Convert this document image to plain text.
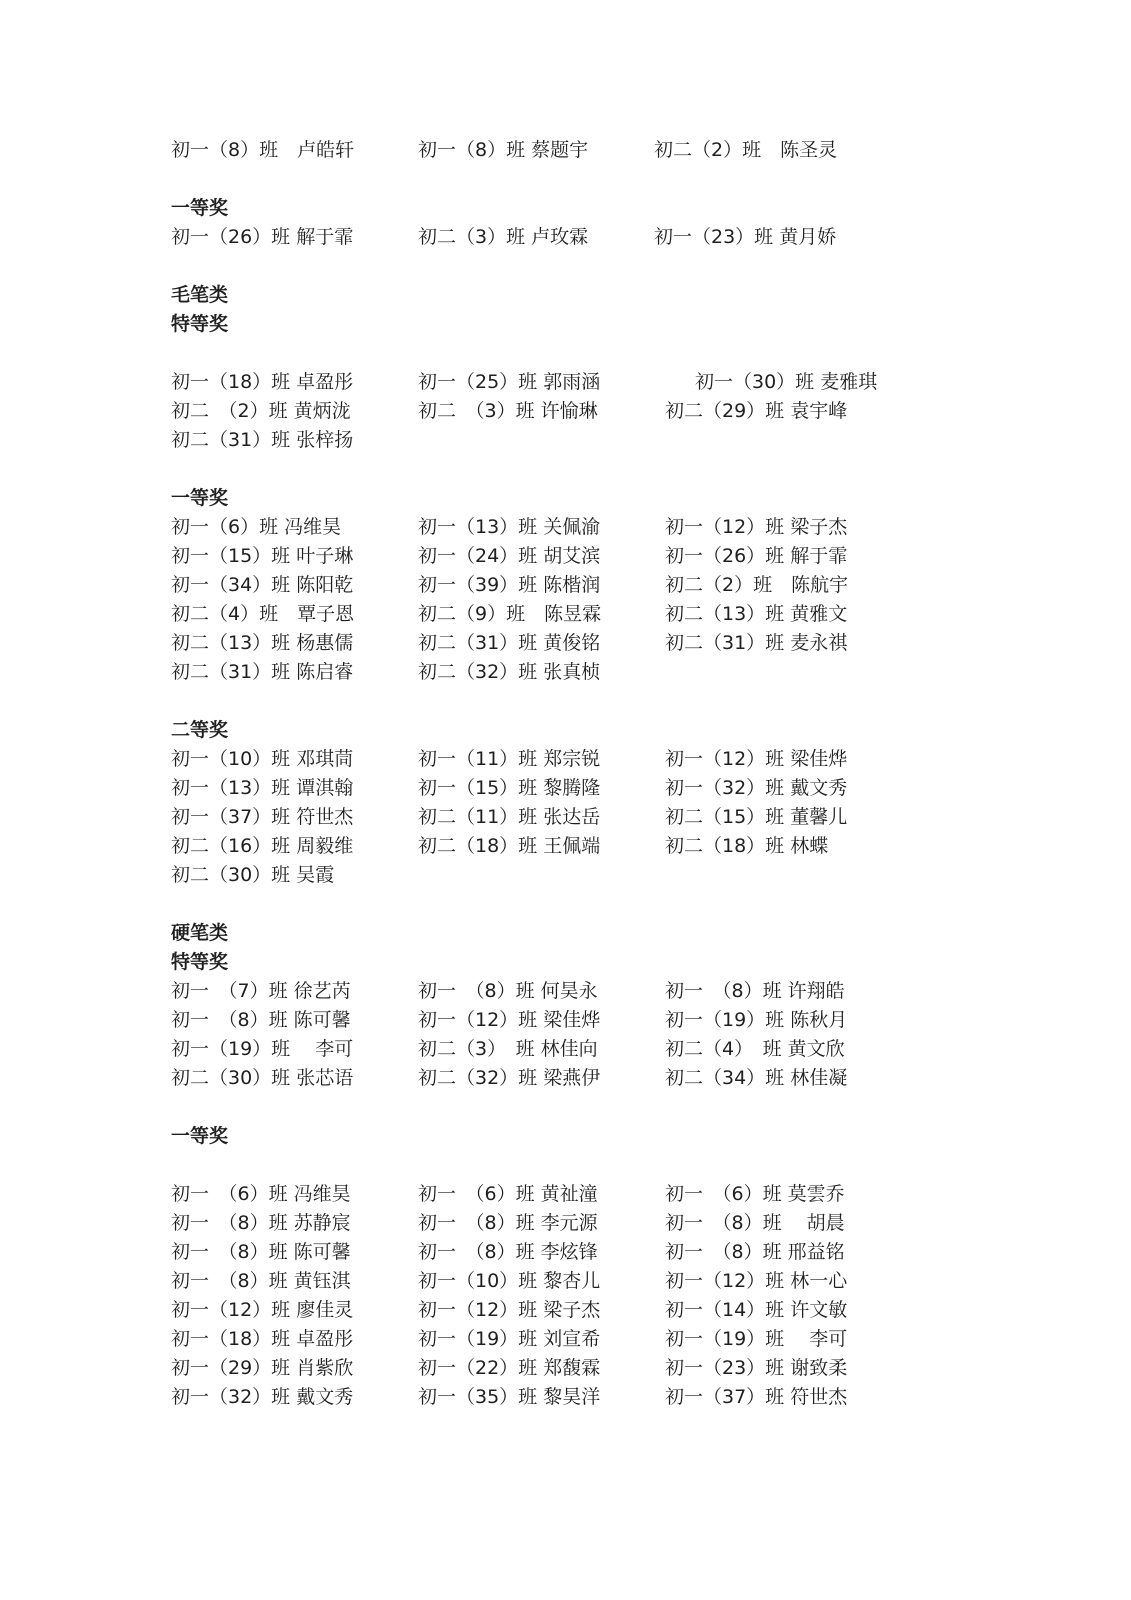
初一（8）班　卢皓轩	初一（8）班 蔡题宇	初二（2）班　陈圣灵
一等奖
初一（26）班 解于霏	初二（3）班 卢玫霖	初一（23）班 黄月娇
毛笔类
特等奖
初一（18）班 卓盈彤	初一（25）班 郭雨涵	初一（30）班 麦雅琪
初二　（2）班 黄炳泷	初二　（3）班 许愉琳	初二（29）班 袁宇峰
初二（31）班 张梓扬
一等奖
初一（6）班 冯维昊	初一（13）班 关佩渝	初一（12）班 梁子杰
初一（15）班 叶子琳	初一（24）班 胡艾滨	初一（26）班 解于霏
初一（34）班 陈阳乾	初一（39）班 陈楷润	初二（2）班　陈航宇
初二（4）班　覃子恩	初二（9）班　陈昱霖	初二（13）班 黄雅文
初二（13）班 杨惠儒	初二（31）班 黄俊铭	初二（31）班 麦永祺
初二（31）班 陈启睿	初二（32）班 张真桢
二等奖
初一（10）班 邓琪茼	初一（11）班 郑宗锐	初一（12）班 梁佳烨
初一（13）班 谭淇翰	初一（15）班 黎腾隆	初一（32）班 戴文秀
初一（37）班 符世杰	初二（11）班 张达岳	初二（15）班 董馨儿
初二（16）班 周毅维	初二（18）班 王佩端	初二（18）班 林蝶
初二（30）班 吴霞
硬笔类
特等奖
初一　（7）班 徐艺芮	初一　（8）班 何昊永	初一　（8）班 许翔皓
初一　（8）班 陈可馨	初一（12）班 梁佳烨	初一（19）班 陈秋月
初一（19）班　 李可	初二（3）　班 林佳向	初二（4）　班 黄文欣
初二（30）班 张芯语	初二（32）班 梁燕伊	初二（34）班 林佳凝
一等奖
初一　（6）班 冯维昊	初一　（6）班 黄祉潼	初一　（6）班 莫雲乔
初一　（8）班 苏静宸	初一　（8）班 李元源	初一　（8）班　 胡晨
初一　（8）班 陈可馨	初一　（8）班 李炫锋	初一　（8）班 邢益铭
初一　（8）班 黄钰淇	初一（10）班 黎杏儿	初一（12）班 林一心
初一（12）班 廖佳灵	初一（12）班 梁子杰	初一（14）班 许文敏
初一（18）班 卓盈彤	初一（19）班 刘宣希	初一（19）班　 李可
初一（29）班 肖紫欣	初一（22）班 郑馥霖	初一（23）班 谢致柔
初一（32）班 戴文秀	初一（35）班 黎昊洋	初一（37）班 符世杰
